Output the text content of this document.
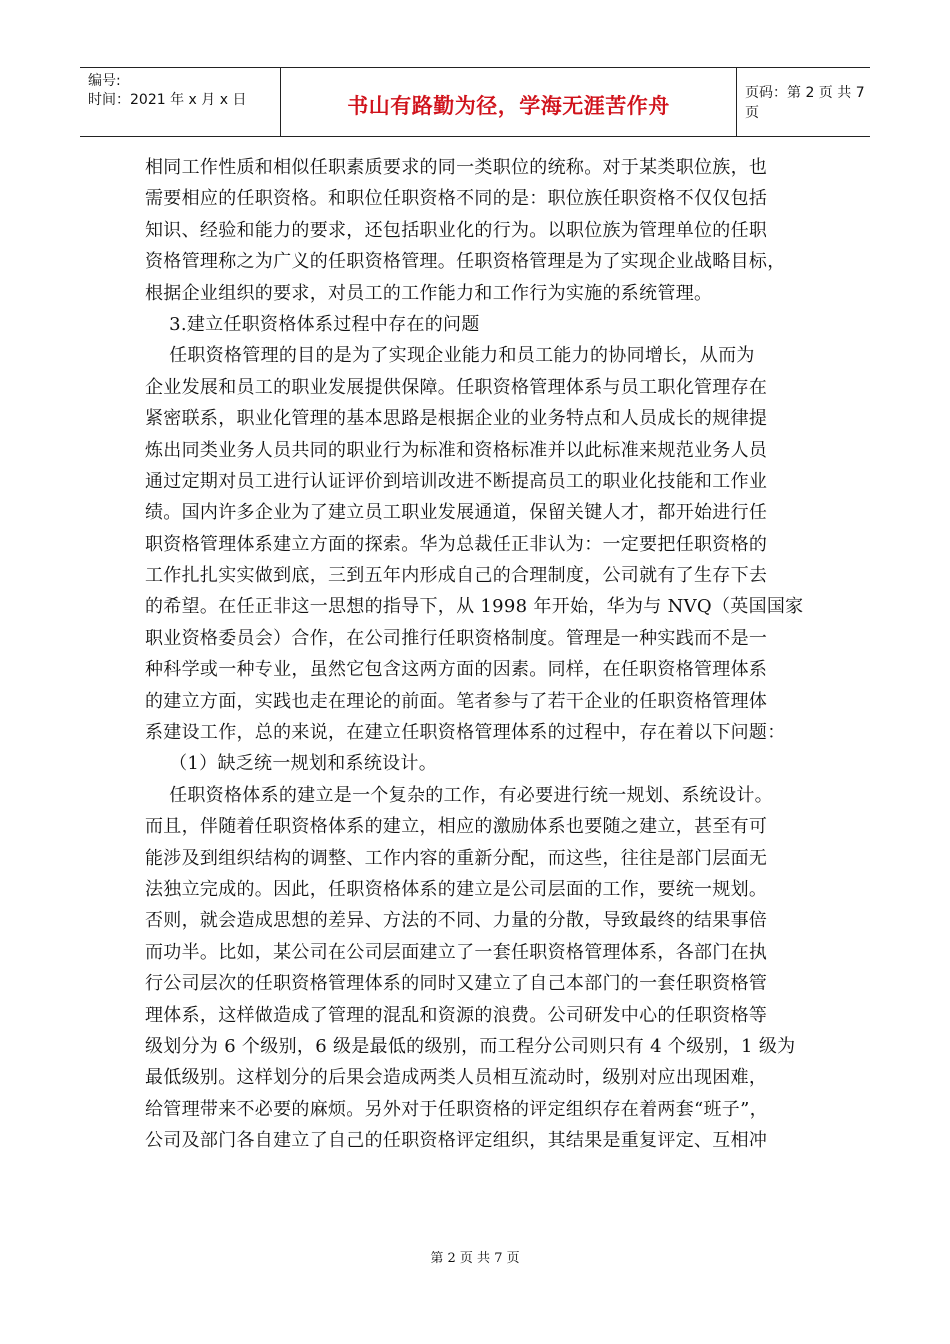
编号:
时间：2021 年 x 月 x 日	书山有路勤为径，学海无涯苦作舟
页码：第 2 页 共 7 页
相同工作性质和相似任职素质要求的同一类职位的统称。对于某类职位族，也
需要相应的任职资格。和职位任职资格不同的是：职位族任职资格不仅仅包括
知识、经验和能力的要求，还包括职业化的行为。以职位族为管理单位的任职
资格管理称之为广义的任职资格管理。任职资格管理是为了实现企业战略目标，
根据企业组织的要求，对员工的工作能力和工作行为实施的系统管理。
3.建立任职资格体系过程中存在的问题
任职资格管理的目的是为了实现企业能力和员工能力的协同增长，从而为
企业发展和员工的职业发展提供保障。任职资格管理体系与员工职化管理存在
紧密联系，职业化管理的基本思路是根据企业的业务特点和人员成长的规律提
炼出同类业务人员共同的职业行为标准和资格标准并以此标准来规范业务人员
通过定期对员工进行认证评价到培训改进不断提高员工的职业化技能和工作业
绩。国内许多企业为了建立员工职业发展通道，保留关键人才，都开始进行任
职资格管理体系建立方面的探索。华为总裁任正非认为：一定要把任职资格的
工作扎扎实实做到底，三到五年内形成自己的合理制度，公司就有了生存下去
的希望。在任正非这一思想的指导下，从 1998 年开始，华为与 NVQ（英国国家
职业资格委员会）合作，在公司推行任职资格制度。管理是一种实践而不是一
种科学或一种专业，虽然它包含这两方面的因素。同样，在任职资格管理体系
的建立方面，实践也走在理论的前面。笔者参与了若干企业的任职资格管理体
系建设工作，总的来说，在建立任职资格管理体系的过程中，存在着以下问题：
（1）缺乏统一规划和系统设计。
任职资格体系的建立是一个复杂的工作，有必要进行统一规划、系统设计。
而且，伴随着任职资格体系的建立，相应的激励体系也要随之建立，甚至有可
能涉及到组织结构的调整、工作内容的重新分配，而这些，往往是部门层面无
法独立完成的。因此，任职资格体系的建立是公司层面的工作，要统一规划。
否则，就会造成思想的差异、方法的不同、力量的分散，导致最终的结果事倍
而功半。比如，某公司在公司层面建立了一套任职资格管理体系，各部门在执
行公司层次的任职资格管理体系的同时又建立了自己本部门的一套任职资格管
理体系，这样做造成了管理的混乱和资源的浪费。公司研发中心的任职资格等
级划分为 6 个级别，6 级是最低的级别，而工程分公司则只有 4 个级别，1 级为
最低级别。这样划分的后果会造成两类人员相互流动时，级别对应出现困难，
给管理带来不必要的麻烦。另外对于任职资格的评定组织存在着两套“班子”，
公司及部门各自建立了自己的任职资格评定组织，其结果是重复评定、互相冲
第 2 页 共 7 页
